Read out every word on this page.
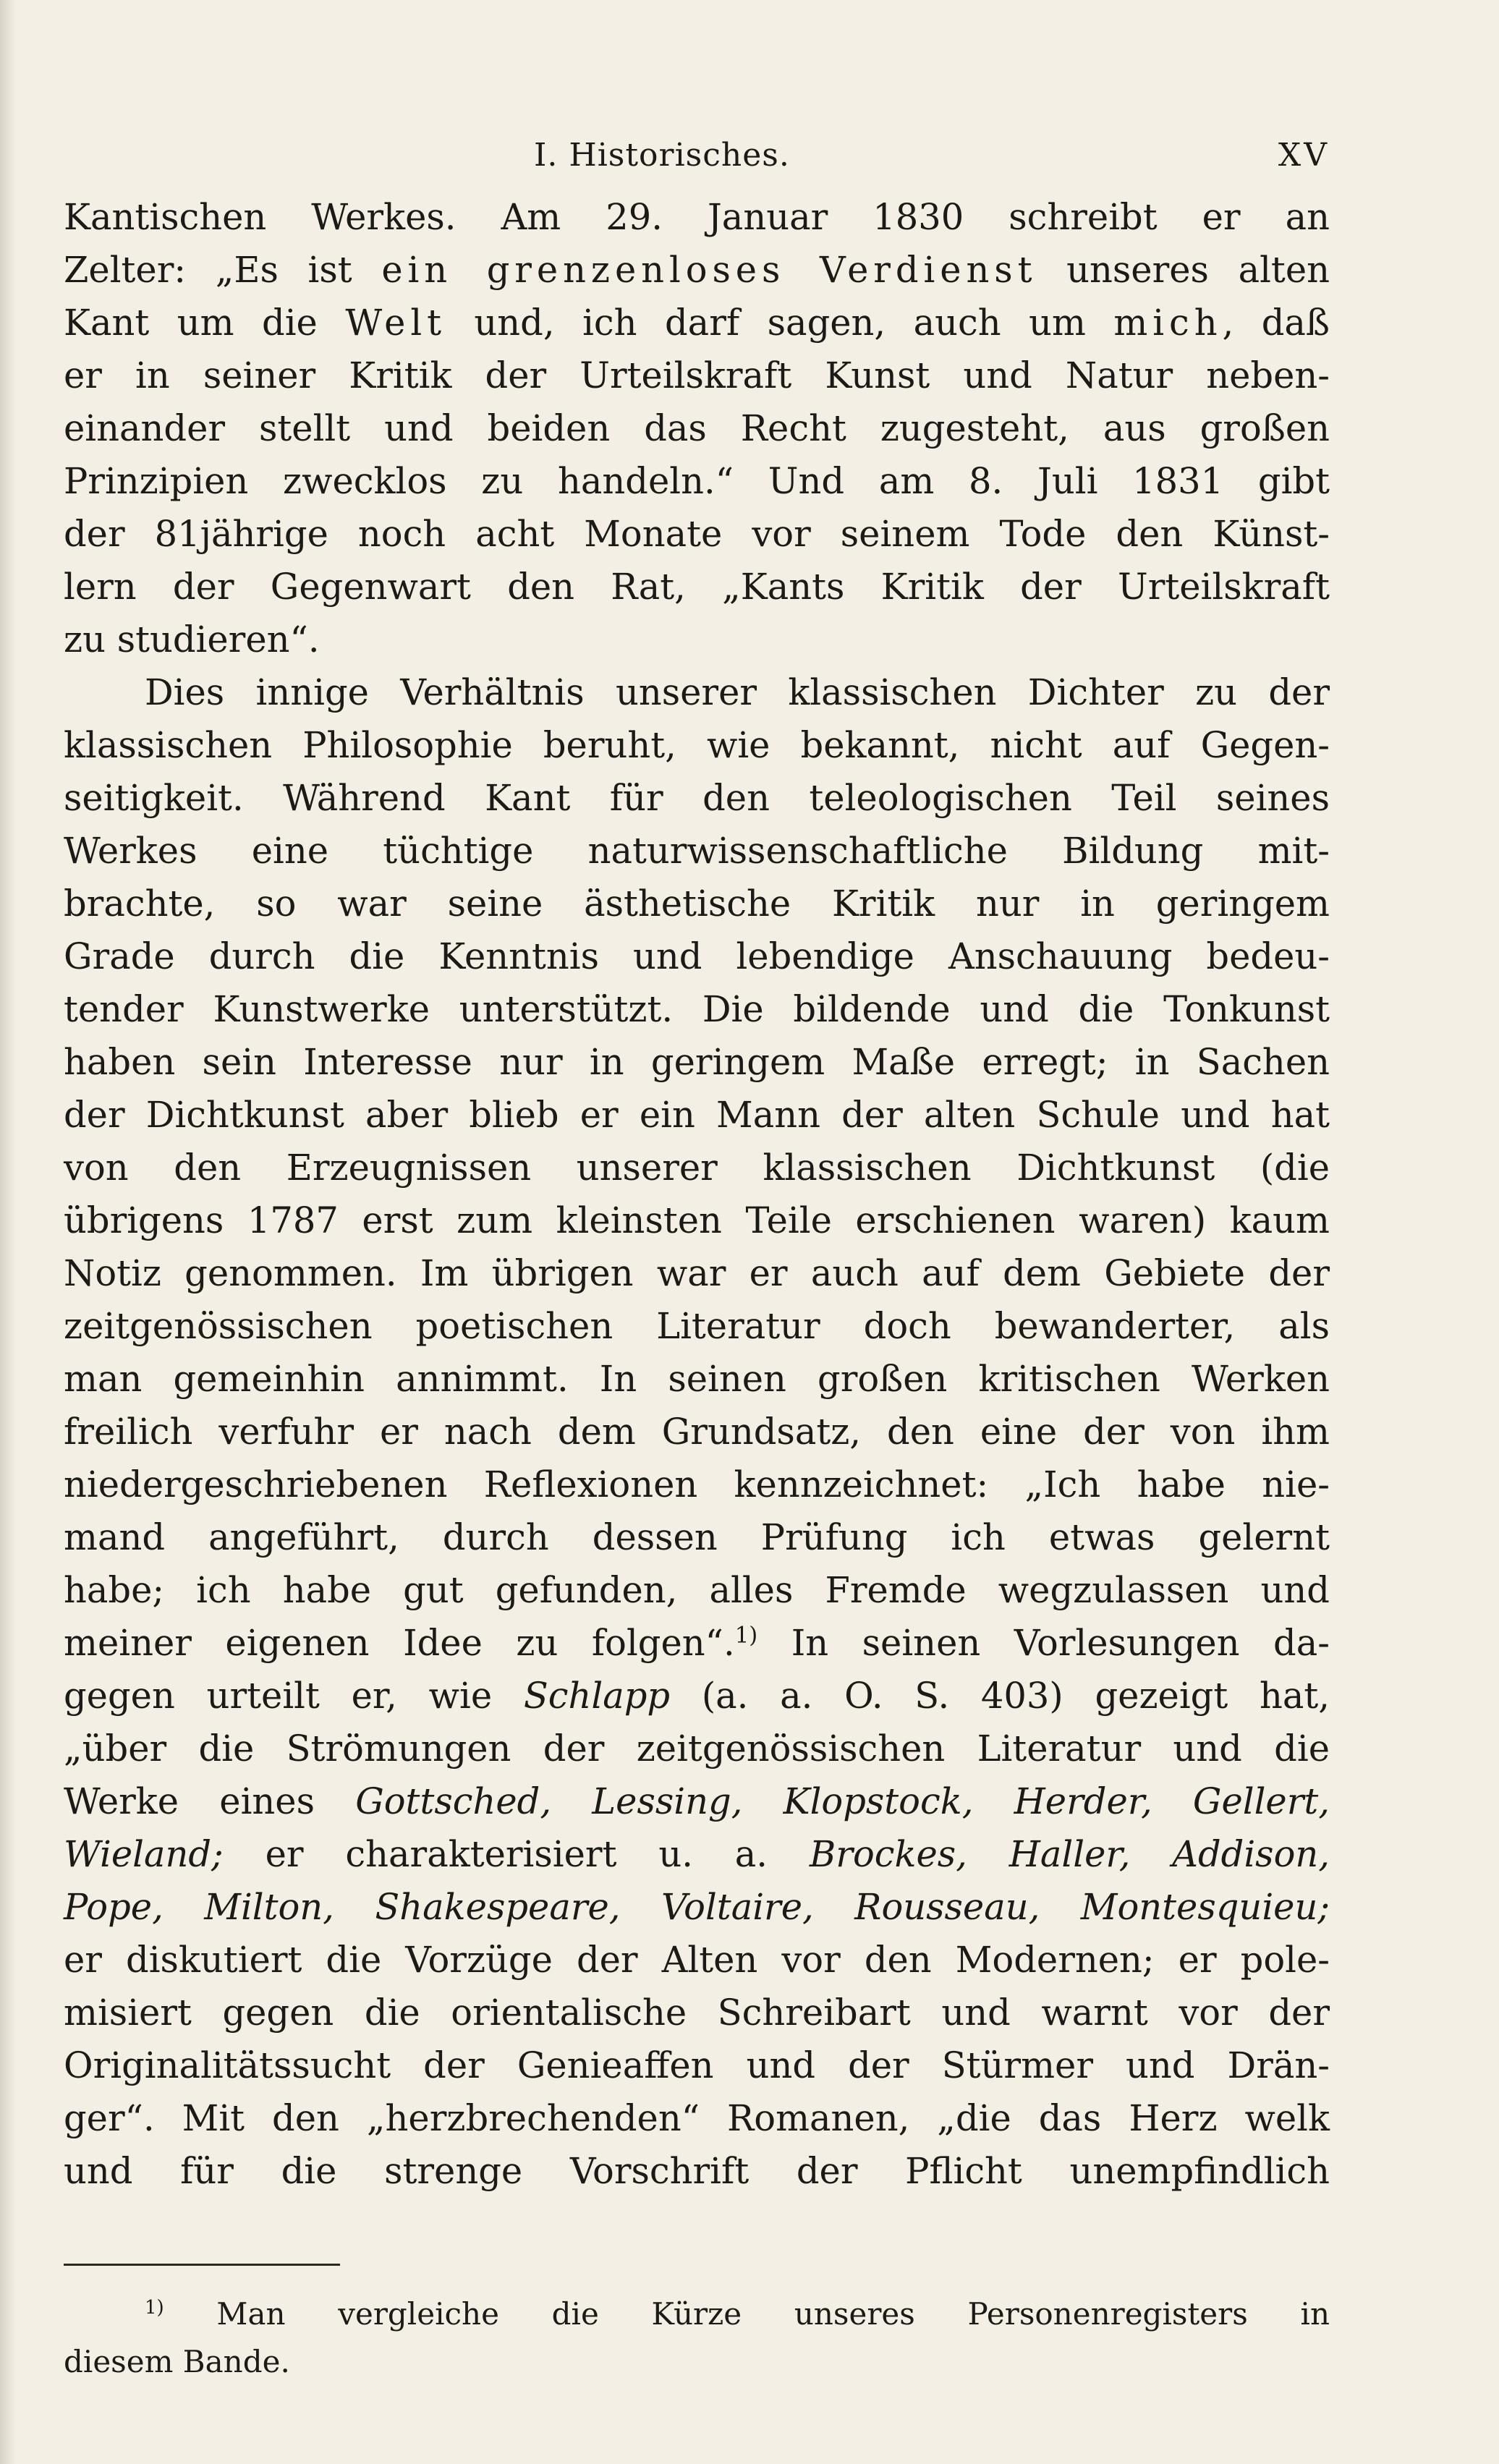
I. Historisches.	XV
Kantischen Werkes. Am 29. Januar 1830 schreibt er an
Zelter: „Es ist ein grenzenloses Verdienst unseres alten
Kant um die Welt und, ich darf sagen, auch um mich, daß
er in seiner Kritik der Urteilskraft Kunst und Natur neben-
einander stellt und beiden das Recht zugesteht, aus großen
Prinzipien zwecklos zu handeln.“ Und am 8. Juli 1831 gibt
der 81jährige noch acht Monate vor seinem Tode den Künst-
lern der Gegenwart den Rat, „Kants Kritik der Urteilskraft
zu studieren“.
Dies innige Verhältnis unserer klassischen Dichter zu der
klassischen Philosophie beruht, wie bekannt, nicht auf Gegen-
seitigkeit. Während Kant für den teleologischen Teil seines
Werkes eine tüchtige naturwissenschaftliche Bildung mit-
brachte, so war seine ästhetische Kritik nur in geringem
Grade durch die Kenntnis und lebendige Anschauung bedeu-
tender Kunstwerke unterstützt. Die bildende und die Tonkunst
haben sein Interesse nur in geringem Maße erregt; in Sachen
der Dichtkunst aber blieb er ein Mann der alten Schule und hat
von den Erzeugnissen unserer klassischen Dichtkunst (die
übrigens 1787 erst zum kleinsten Teile erschienen waren) kaum
Notiz genommen. Im übrigen war er auch auf dem Gebiete der
zeitgenössischen poetischen Literatur doch bewanderter, als
man gemeinhin annimmt. In seinen großen kritischen Werken
freilich verfuhr er nach dem Grundsatz, den eine der von ihm
niedergeschriebenen Reflexionen kennzeichnet: „Ich habe nie-
mand angeführt, durch dessen Prüfung ich etwas gelernt
habe; ich habe gut gefunden, alles Fremde wegzulassen und
meiner eigenen Idee zu folgen“.$^{1)}$ In seinen Vorlesungen da-
gegen urteilt er, wie Schlapp (a. a. O. S. 403) gezeigt hat,
„über die Strömungen der zeitgenössischen Literatur und die
Werke eines Gottsched, Lessing, Klopstock, Herder, Gellert,
Wieland; er charakterisiert u. a. Brockes, Haller, Addison,
Pope, Milton, Shakespeare, Voltaire, Rousseau, Montesquieu;
er diskutiert die Vorzüge der Alten vor den Modernen; er pole-
misiert gegen die orientalische Schreibart und warnt vor der
Originalitätssucht der Genieaffen und der Stürmer und Drän-
ger“. Mit den „herzbrechenden“ Romanen, „die das Herz welk
und für die strenge Vorschrift der Pflicht unempfindlich
$^{1)}$ Man vergleiche die Kürze unseres Personenregisters in
diesem Bande.
